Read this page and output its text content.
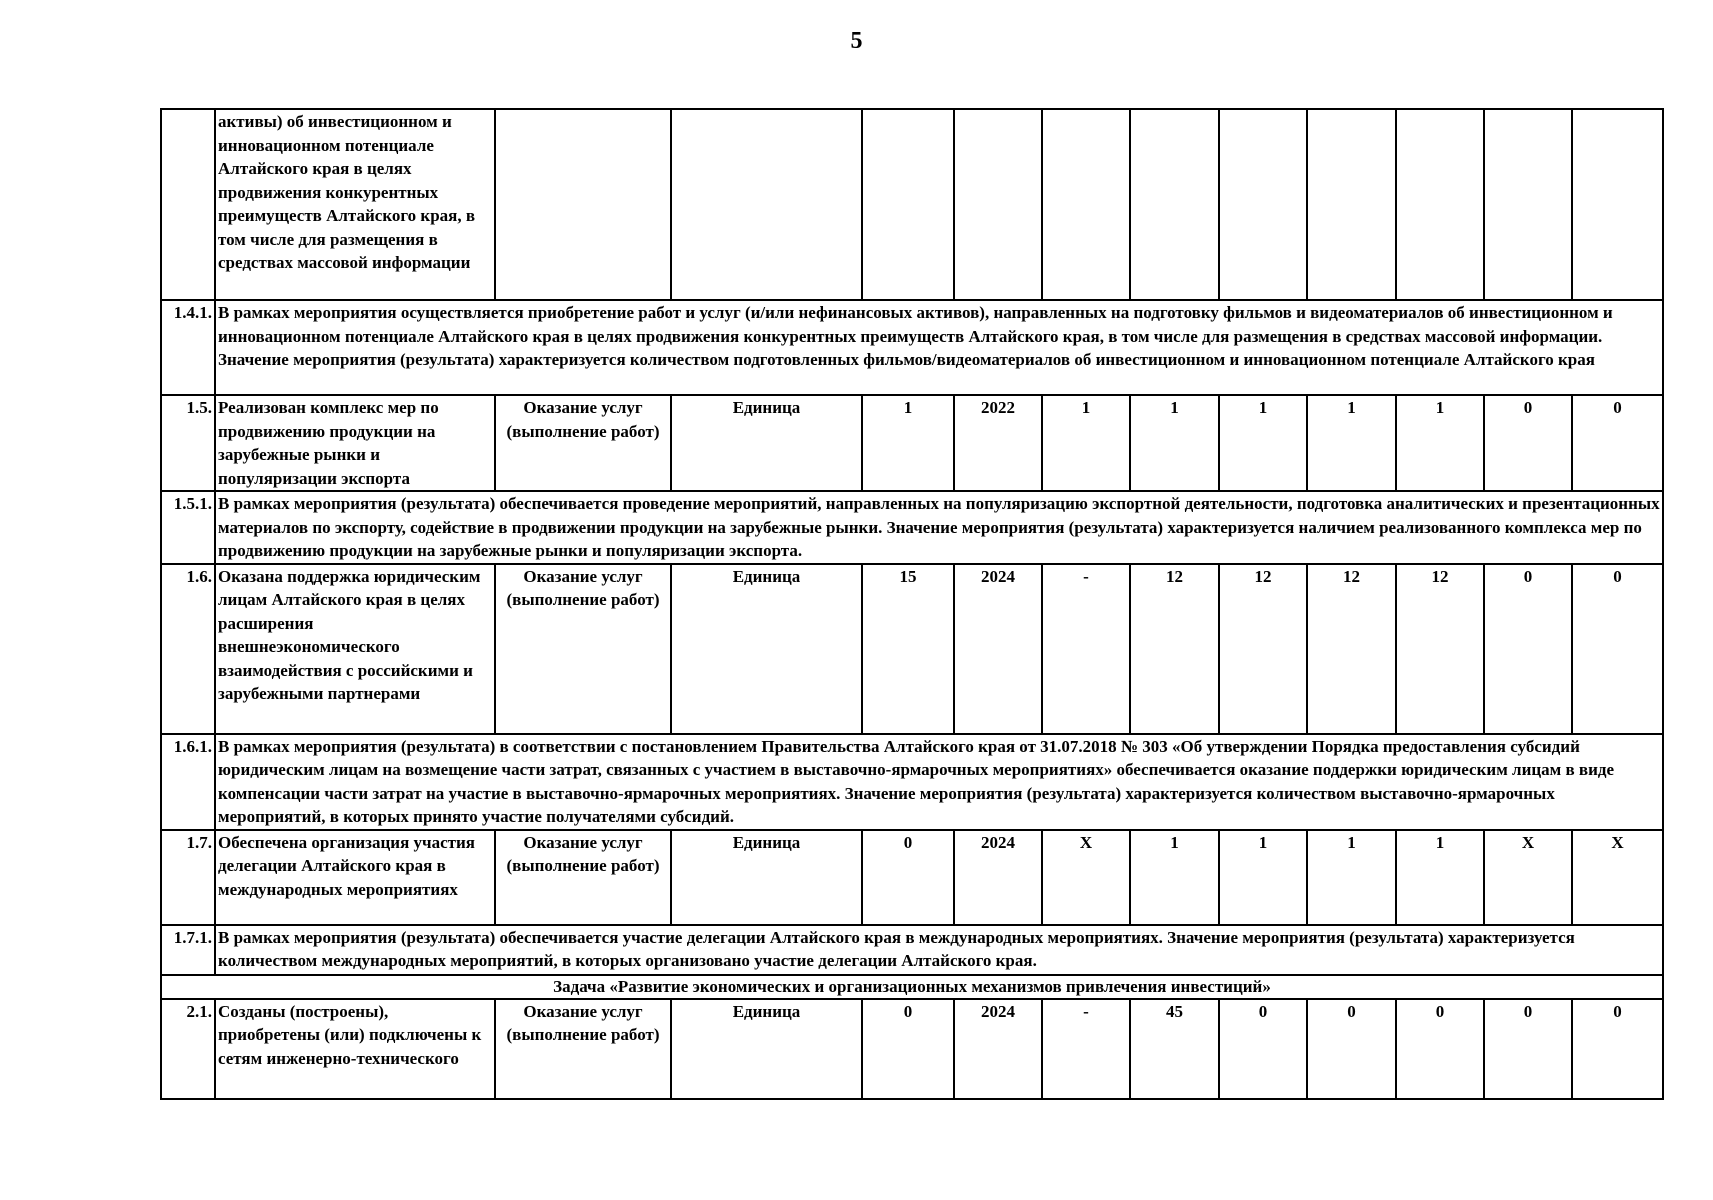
5
	активы) об инвестиционном и инновационном потенциале Алтайского края в целях продвижения конкурентных преимуществ Алтайского края, в том числе для размещения в средствах массовой информации											
1.4.1.	В рамках мероприятия осуществляется приобретение работ и услуг (и/или нефинансовых активов), направленных на подготовку фильмов и видеоматериалов об инвестиционном и инновационном потенциале Алтайского края в целях продвижения конкурентных преимуществ Алтайского края, в том числе для размещения в средствах массовой информации. Значение мероприятия (результата) характеризуется количеством подготовленных фильмов/видеоматериалов об инвестиционном и инновационном потенциале Алтайского края											
1.5.	Реализован комплекс мер по продвижению продукции на зарубежные рынки и популяризации экспорта	Оказание услуг (выполнение работ)	Единица	1	2022	1	1	1	1	1	0	0
1.5.1.	В рамках мероприятия (результата) обеспечивается проведение мероприятий, направленных на популяризацию экспортной деятельности, подготовка аналитических и презентационных материалов по экспорту, содействие в продвижении продукции на зарубежные рынки. Значение мероприятия (результата) характеризуется наличием реализованного комплекса мер по продвижению продукции на зарубежные рынки и популяризации экспорта.											
1.6.	Оказана поддержка юридическим лицам Алтайского края в целях расширения внешнеэкономического взаимодействия с российскими и зарубежными партнерами	Оказание услуг (выполнение работ)	Единица	15	2024	-	12	12	12	12	0	0
1.6.1.	В рамках мероприятия (результата) в соответствии с постановлением Правительства Алтайского края от 31.07.2018 № 303 «Об утверждении Порядка предоставления субсидий юридическим лицам на возмещение части затрат, связанных с участием в выставочно-ярмарочных мероприятиях» обеспечивается оказание поддержки юридическим лицам в виде компенсации части затрат на участие в выставочно-ярмарочных мероприятиях. Значение мероприятия (результата) характеризуется количеством выставочно-ярмарочных мероприятий, в которых принято участие получателями субсидий.											
1.7.	Обеспечена организация участия делегации Алтайского края в международных мероприятиях	Оказание услуг (выполнение работ)	Единица	0	2024	Х	1	1	1	1	Х	Х
1.7.1.	В рамках мероприятия (результата) обеспечивается участие делегации Алтайского края в международных мероприятиях. Значение мероприятия (результата) характеризуется количеством международных мероприятий, в которых организовано участие делегации Алтайского края.											
Задача «Развитие экономических и организационных механизмов привлечения инвестиций»												
2.1.	Созданы (построены), приобретены (или) подключены к сетям инженерно-технического	Оказание услуг (выполнение работ)	Единица	0	2024	-	45	0	0	0	0	0
